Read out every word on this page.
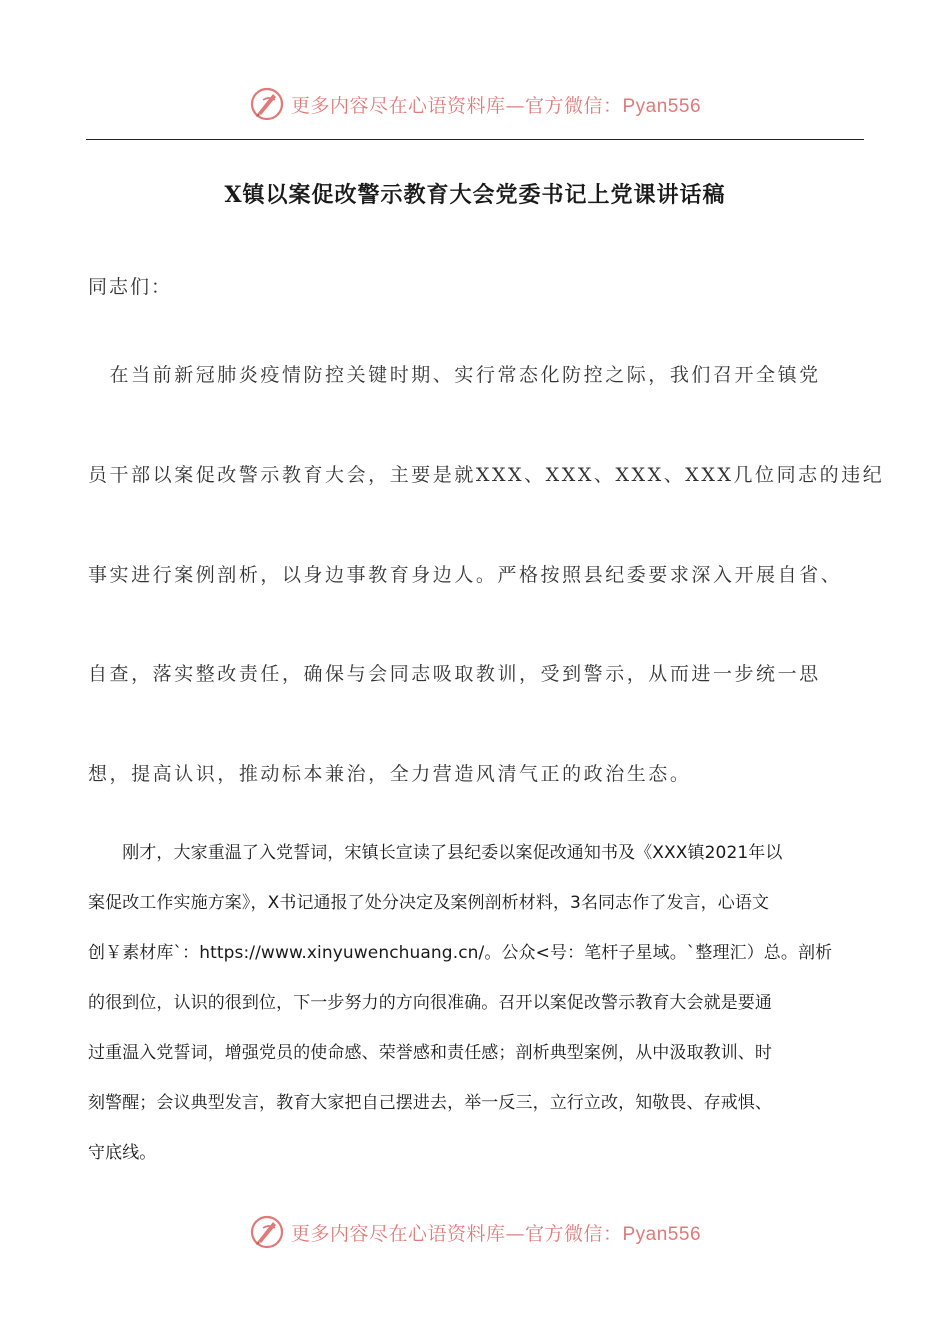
更多内容尽在心语资料库—官方微信：Pyan556
X镇以案促改警示教育大会党委书记上党课讲话稿
同志们：
　在当前新冠肺炎疫情防控关键时期、实行常态化防控之际，我们召开全镇党
员干部以案促改警示教育大会，主要是就XXX、XXX、XXX、XXX几位同志的违纪
事实进行案例剖析，以身边事教育身边人。严格按照县纪委要求深入开展自省、
自查，落实整改责任，确保与会同志吸取教训，受到警示，从而进一步统一思
想，提高认识，推动标本兼治，全力营造风清气正的政治生态。
　　刚才，大家重温了入党誓词，宋镇长宣读了县纪委以案促改通知书及《XXX镇2021年以
案促改工作实施方案》，X书记通报了处分决定及案例剖析材料，3名同志作了发言，心语文
创￥素材库`：https://www.xinyuwenchuang.cn/。公众<号：笔杆子星域。`整理汇）总。剖析
的很到位，认识的很到位，下一步努力的方向很准确。召开以案促改警示教育大会就是要通
过重温入党誓词，增强党员的使命感、荣誉感和责任感；剖析典型案例，从中汲取教训、时
刻警醒；会议典型发言，教育大家把自己摆进去，举一反三，立行立改，知敬畏、存戒惧、
守底线。
更多内容尽在心语资料库—官方微信：Pyan556
